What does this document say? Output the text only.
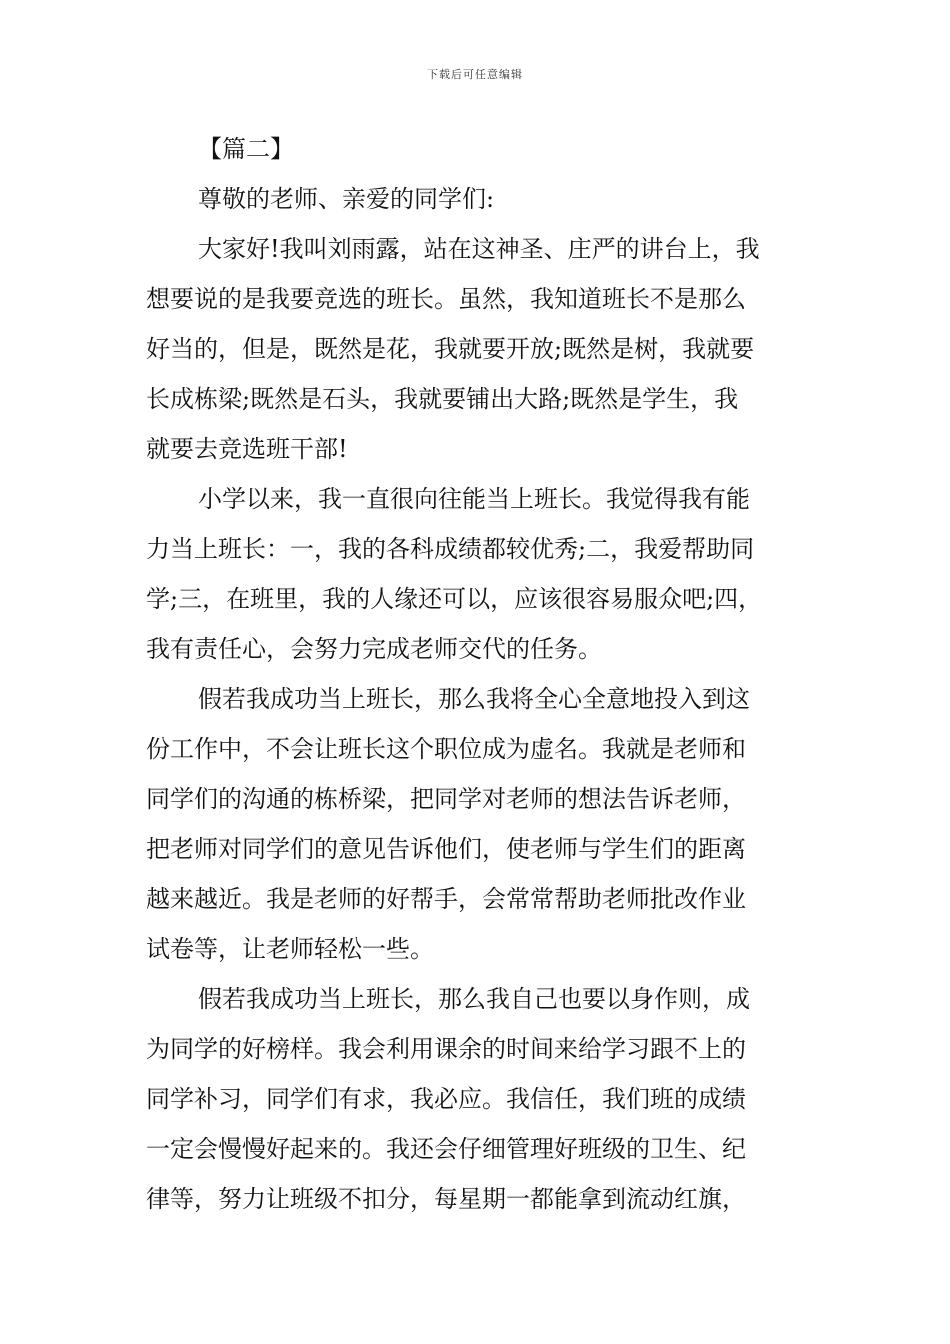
下载后可任意编辑
【篇二】
尊敬的老师、亲爱的同学们:
大家好!我叫刘雨露，站在这神圣、庄严的讲台上，我
想要说的是我要竞选的班长。虽然，我知道班长不是那么
好当的，但是，既然是花，我就要开放;既然是树，我就要
长成栋梁;既然是石头，我就要铺出大路;既然是学生，我
就要去竞选班干部!
小学以来，我一直很向往能当上班长。我觉得我有能
力当上班长：一，我的各科成绩都较优秀;二，我爱帮助同
学;三，在班里，我的人缘还可以，应该很容易服众吧;四，
我有责任心，会努力完成老师交代的任务。
假若我成功当上班长，那么我将全心全意地投入到这
份工作中，不会让班长这个职位成为虚名。我就是老师和
同学们的沟通的栋桥梁，把同学对老师的想法告诉老师，
把老师对同学们的意见告诉他们，使老师与学生们的距离
越来越近。我是老师的好帮手，会常常帮助老师批改作业
试卷等，让老师轻松一些。
假若我成功当上班长，那么我自己也要以身作则，成
为同学的好榜样。我会利用课余的时间来给学习跟不上的
同学补习，同学们有求，我必应。我信任，我们班的成绩
一定会慢慢好起来的。我还会仔细管理好班级的卫生、纪
律等，努力让班级不扣分，每星期一都能拿到流动红旗，
